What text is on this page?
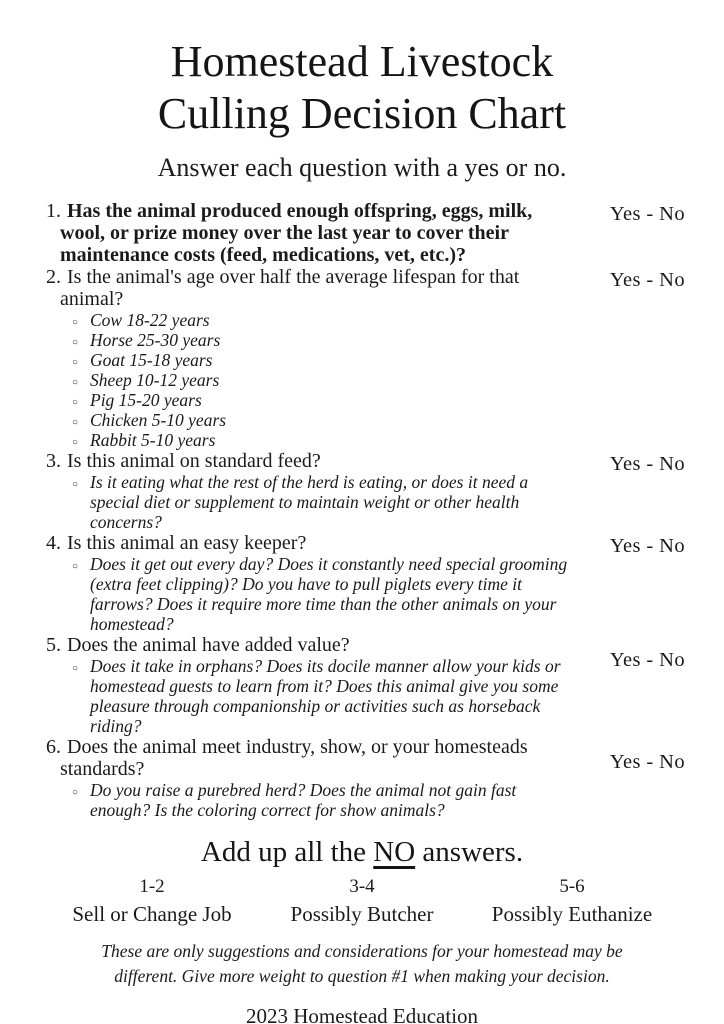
Homestead Livestock
Culling Decision Chart
Answer each question with a yes or no.
1. Has the animal produced enough offspring, eggs, milk, wool, or prize money over the last year to cover their maintenance costs (feed, medications, vet, etc.)?

Yes - No
2. Is the animal's age over half the average lifespan for that animal?

○ Cow 18-22 years
○ Horse 25-30 years
○ Goat 15-18 years
○ Sheep 10-12 years
○ Pig 15-20 years
○ Chicken 5-10 years
○ Rabbit 5-10 years
Yes - No
3. Is this animal on standard feed?

○ Is it eating what the rest of the herd is eating, or does it need a special diet or supplement to maintain weight or other health concerns?
Yes - No
4. Is this animal an easy keeper?

○ Does it get out every day? Does it constantly need special grooming (extra feet clipping)? Do you have to pull piglets every time it farrows? Does it require more time than the other animals on your homestead?
Yes - No
5. Does the animal have added value?

○ Does it take in orphans? Does its docile manner allow your kids or homestead guests to learn from it? Does this animal give you some pleasure through companionship or activities such as horseback riding?
Yes - No
6. Does the animal meet industry, show, or your homesteads standards?

○ Do you raise a purebred herd? Does the animal not gain fast enough? Is the coloring correct for show animals?
Yes - No
Add up all the NO answers.
1-2
Sell or Change Job
3-4
Possibly Butcher
5-6
Possibly Euthanize
These are only suggestions and considerations for your homestead may be different. Give more weight to question #1 when making your decision.
2023 Homestead Education
